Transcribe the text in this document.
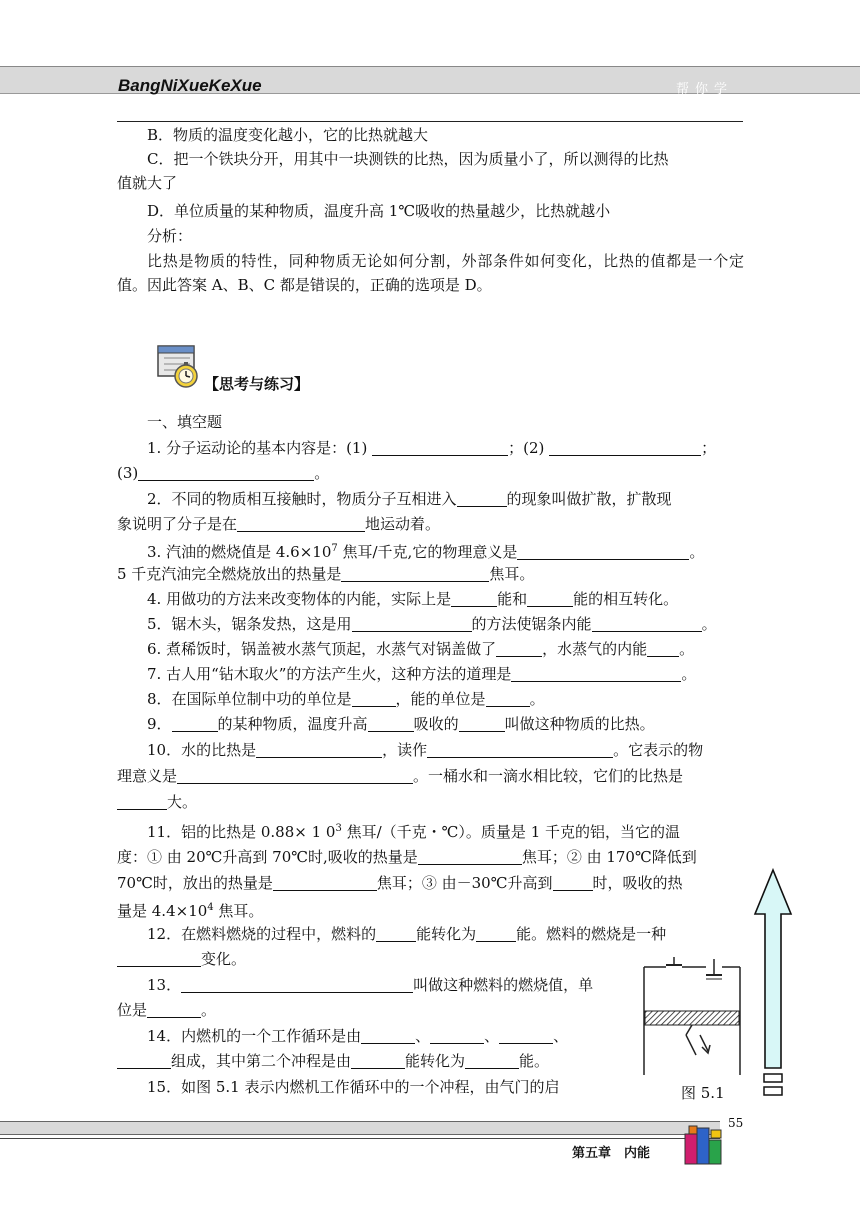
BangNiXueKeXue	帮你学
B．物质的温度变化越小，它的比热就越大
C．把一个铁块分开，用其中一块测铁的比热，因为质量小了，所以测得的比热
值就大了
D．单位质量的某种物质，温度升高 1℃吸收的热量越少，比热就越小
分析：
比热是物质的特性，同种物质无论如何分割，外部条件如何变化，比热的值都是一个定值。因此答案 A、B、C 都是错误的，正确的选项是 D。
【思考与练习】
一、填空题
1. 分子运动论的基本内容是：(1)	；(2)	；
(3)	。
2．不同的物质相互接触时，物质分子互相进入	的现象叫做扩散，扩散现
象说明了分子是在	地运动着。
3. 汽油的燃烧值是 $4.6\times 10^7$ 焦耳/千克,它的物理意义是	。
5 千克汽油完全燃烧放出的热量是	焦耳。
4. 用做功的方法来改变物体的内能，实际上是	能和	能的相互转化。
5．锯木头，锯条发热，这是用	的方法使锯条内能	。
6. 煮稀饭时，锅盖被水蒸气顶起，水蒸气对锅盖做了	，水蒸气的内能 。
7. 古人用“钻木取火”的方法产生火，这种方法的道理是	。
8．在国际单位制中功的单位是	，能的单位是	。
9．	的某种物质，温度升高	吸收的	叫做这种物质的比热。
10．水的比热是	，读作	。它表示的物
理意义是	。一桶水和一滴水相比较，它们的比热是
大。
11．铝的比热是 0.88× 1 $0^3$ 焦耳/（千克・℃）。质量是 1 千克的铝，当它的温
度：① 由 20℃升高到 70℃时,吸收的热量是	焦耳；② 由 170℃降低到
70℃时，放出的热量是	焦耳；③ 由－30℃升高到	时，吸收的热
量是 $4.4\times 10^4$ 焦耳。
12．在燃料燃烧的过程中，燃料的	能转化为	能。燃料的燃烧是一种
变化。
13．	叫做这种燃料的燃烧值，单
位是	。
14．内燃机的一个工作循环是由	、	、	、
组成，其中第二个冲程是由	能转化为	能。
15．如图 5.1 表示内燃机工作循环中的一个冲程，由气门的启	图 5.1
55
第五章　内能
